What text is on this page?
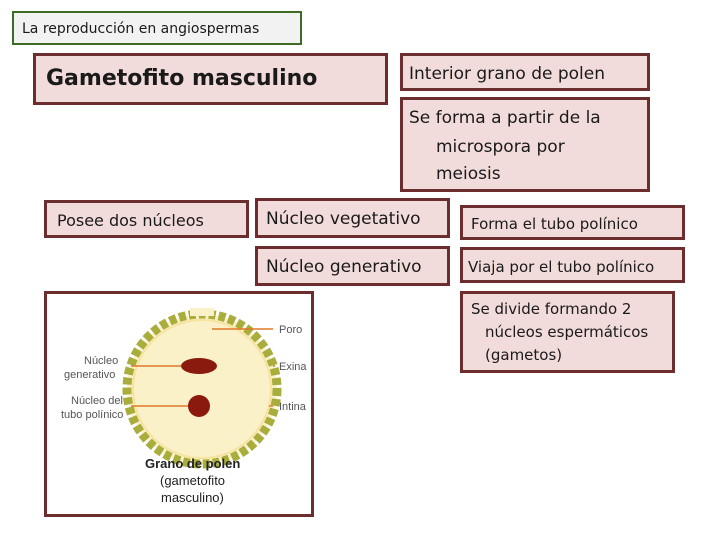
La reproducción en angiospermas
Gametofito masculino	Interior grano de polen
Se forma a partir de la
microspora por
meiosis
Posee dos núcleos	Núcleo vegetativo	Forma el tubo polínico
Núcleo generativo	Viaja por el tubo polínico
Se divide formando 2
núcleos espermáticos
(gametos)
Poro
Exina
Intina
Núcleo
generativo
Núcleo del
tubo polínico
Grano de polen
(gametofito
masculino)
